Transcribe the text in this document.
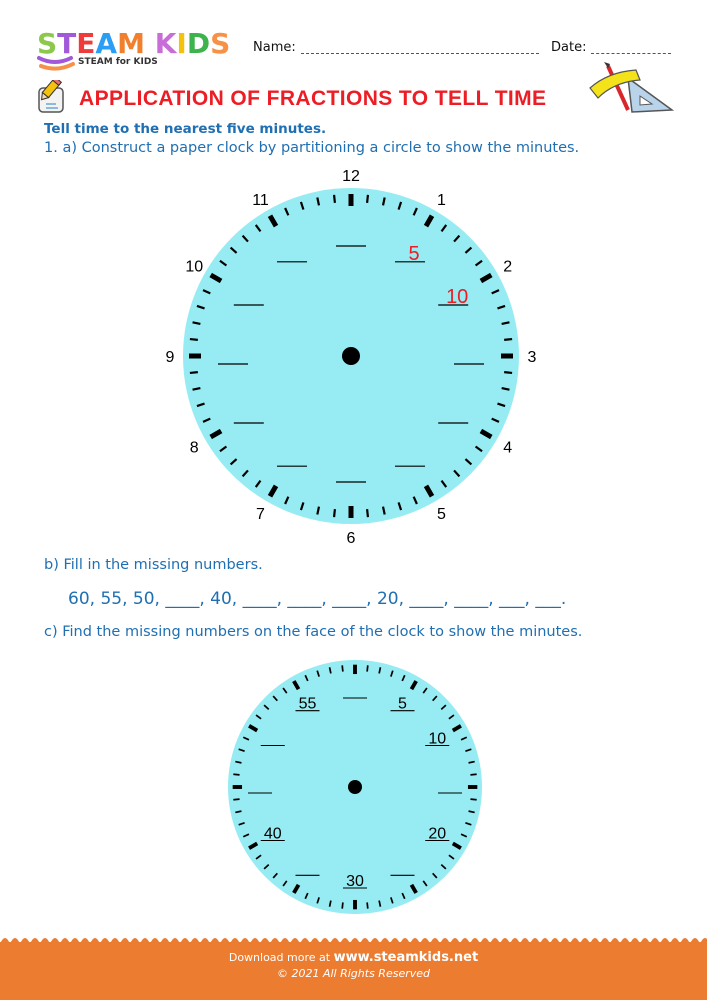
STEAM KIDS
STEAM for KIDS
Name:	Date:
APPLICATION OF FRACTIONS TO TELL TIME
Tell time to the nearest five minutes.
1. a) Construct a paper clock by partitioning a circle to show the minutes.
12
1
2
3
4
5
6
7
8
9
10
11
5
10
b) Fill in the missing numbers.
60, 55, 50, ____, 40, ____, ____, ____, 20, ____, ____, ___, ___.
c) Find the missing numbers on the face of the clock to show the minutes.
5
10
20
30
40
55
Download more at www.steamkids.net
© 2021 All Rights Reserved
